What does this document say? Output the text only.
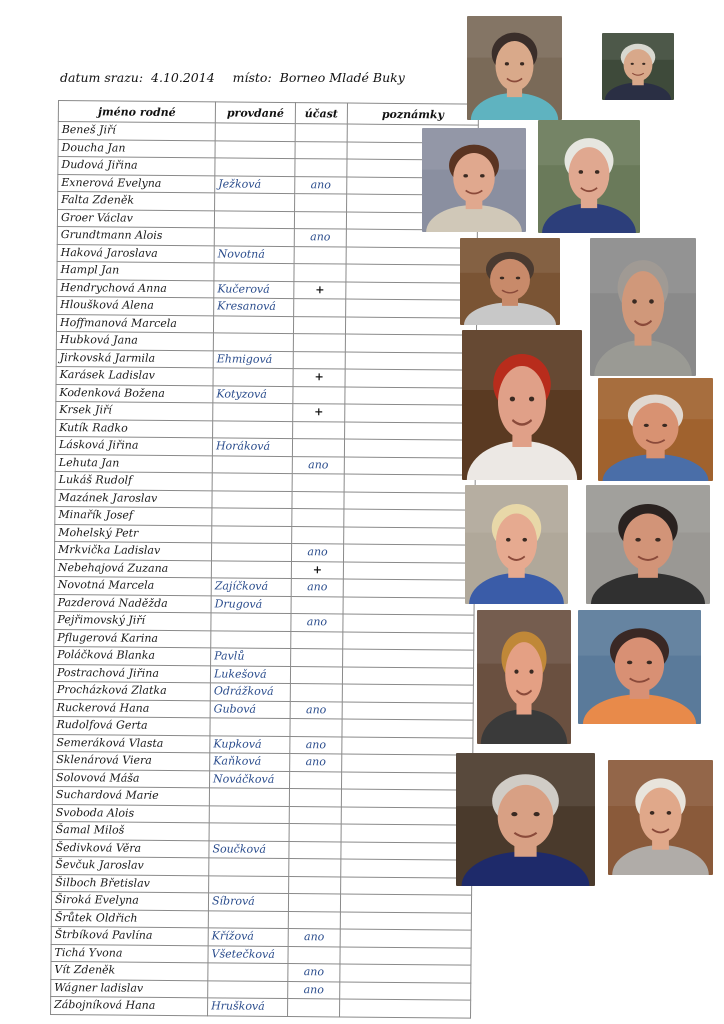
datum srazu: 4.10.2014 místo: Borneo Mladé Buky
jméno rodné	provdané	účast	poznámky
Beneš Jiří			
Doucha Jan			
Dudová Jiřina			
Exnerová Evelyna	Ježková	ano	
Falta Zdeněk			
Groer Václav			
Grundtmann Alois		ano	
Haková Jaroslava	Novotná		
Hampl Jan			
Hendrychová Anna	Kučerová	+	
Hloušková Alena	Kresanová		
Hoffmanová Marcela			
Hubková Jana			
Jirkovská Jarmila	Ehmigová		
Karásek Ladislav		+	
Kodenková Božena	Kotyzová		
Krsek Jiří		+	
Kutík Radko			
Lásková Jiřina	Horáková		
Lehuta Jan		ano	
Lukáš Rudolf			
Mazánek Jaroslav			
Minařík Josef			
Mohelský Petr			
Mrkvička Ladislav		ano	
Nebehajová Zuzana		+	
Novotná Marcela	Zajíčková	ano	
Pazderová Naděžda	Drugová		
Pejřimovský Jiří		ano	
Pflugerová Karina			
Poláčková Blanka	Pavlů		
Postrachová Jiřina	Lukešová		
Procházková Zlatka	Odrážková		
Ruckerová Hana	Gubová	ano	
Rudolfová Gerta			
Semeráková Vlasta	Kupková	ano	
Sklenárová Viera	Kaňková	ano	
Solovová Máša	Nováčková		
Suchardová Marie			
Svoboda Alois			
Šamal Miloš			
Šedivková Věra	Součková		
Ševčuk Jaroslav			
Šilboch Břetislav			
Široká Evelyna	Síbrová		
Šrůtek Oldřich			
Štrbíková Pavlína	Křížová	ano	
Tichá Yvona	Všetečková		
Vít Zdeněk		ano	
Wágner ladislav		ano	
Zábojníková Hana	Hrušková		
